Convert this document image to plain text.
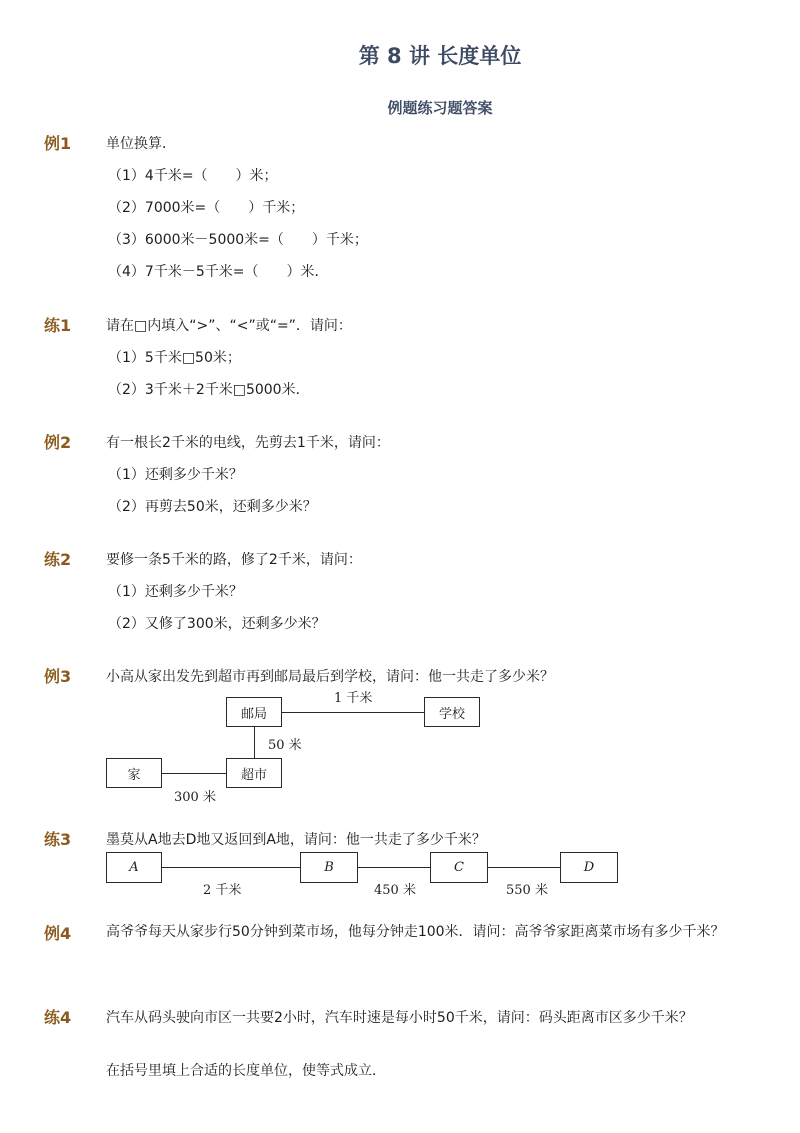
第 8 讲 长度单位
例题练习题答案
例1 单位换算．
（1）4千米=（　　）米；
（2）7000米=（　　）千米；
（3）6000米－5000米=（　　）千米；
（4）7千米－5千米=（　　）米．
练1 请在□内填入“>”、“<”或“=”．请问：
（1）5千米□50米；
（2）3千米＋2千米□5000米．
例2 有一根长2千米的电线，先剪去1千米，请问：
（1）还剩多少千米？
（2）再剪去50米，还剩多少米？
练2 要修一条5千米的路，修了2千米，请问：
（1）还剩多少千米？
（2）又修了300米，还剩多少米？
例3 小高从家出发先到超市再到邮局最后到学校，请问：他一共走了多少米？
邮局	学校
家	超市
1 千米
50 米
300 米
练3 墨莫从A地去D地又返回到A地，请问：他一共走了多少千米？
A	B	C	D
2 千米	450 米	550 米
例4 高爷爷每天从家步行50分钟到菜市场，他每分钟走100米．请问：高爷爷家距离菜市场有多少千米？
练4 汽车从码头驶向市区一共要2小时，汽车时速是每小时50千米，请问：码头距离市区多少千米？
在括号里填上合适的长度单位，使等式成立．
